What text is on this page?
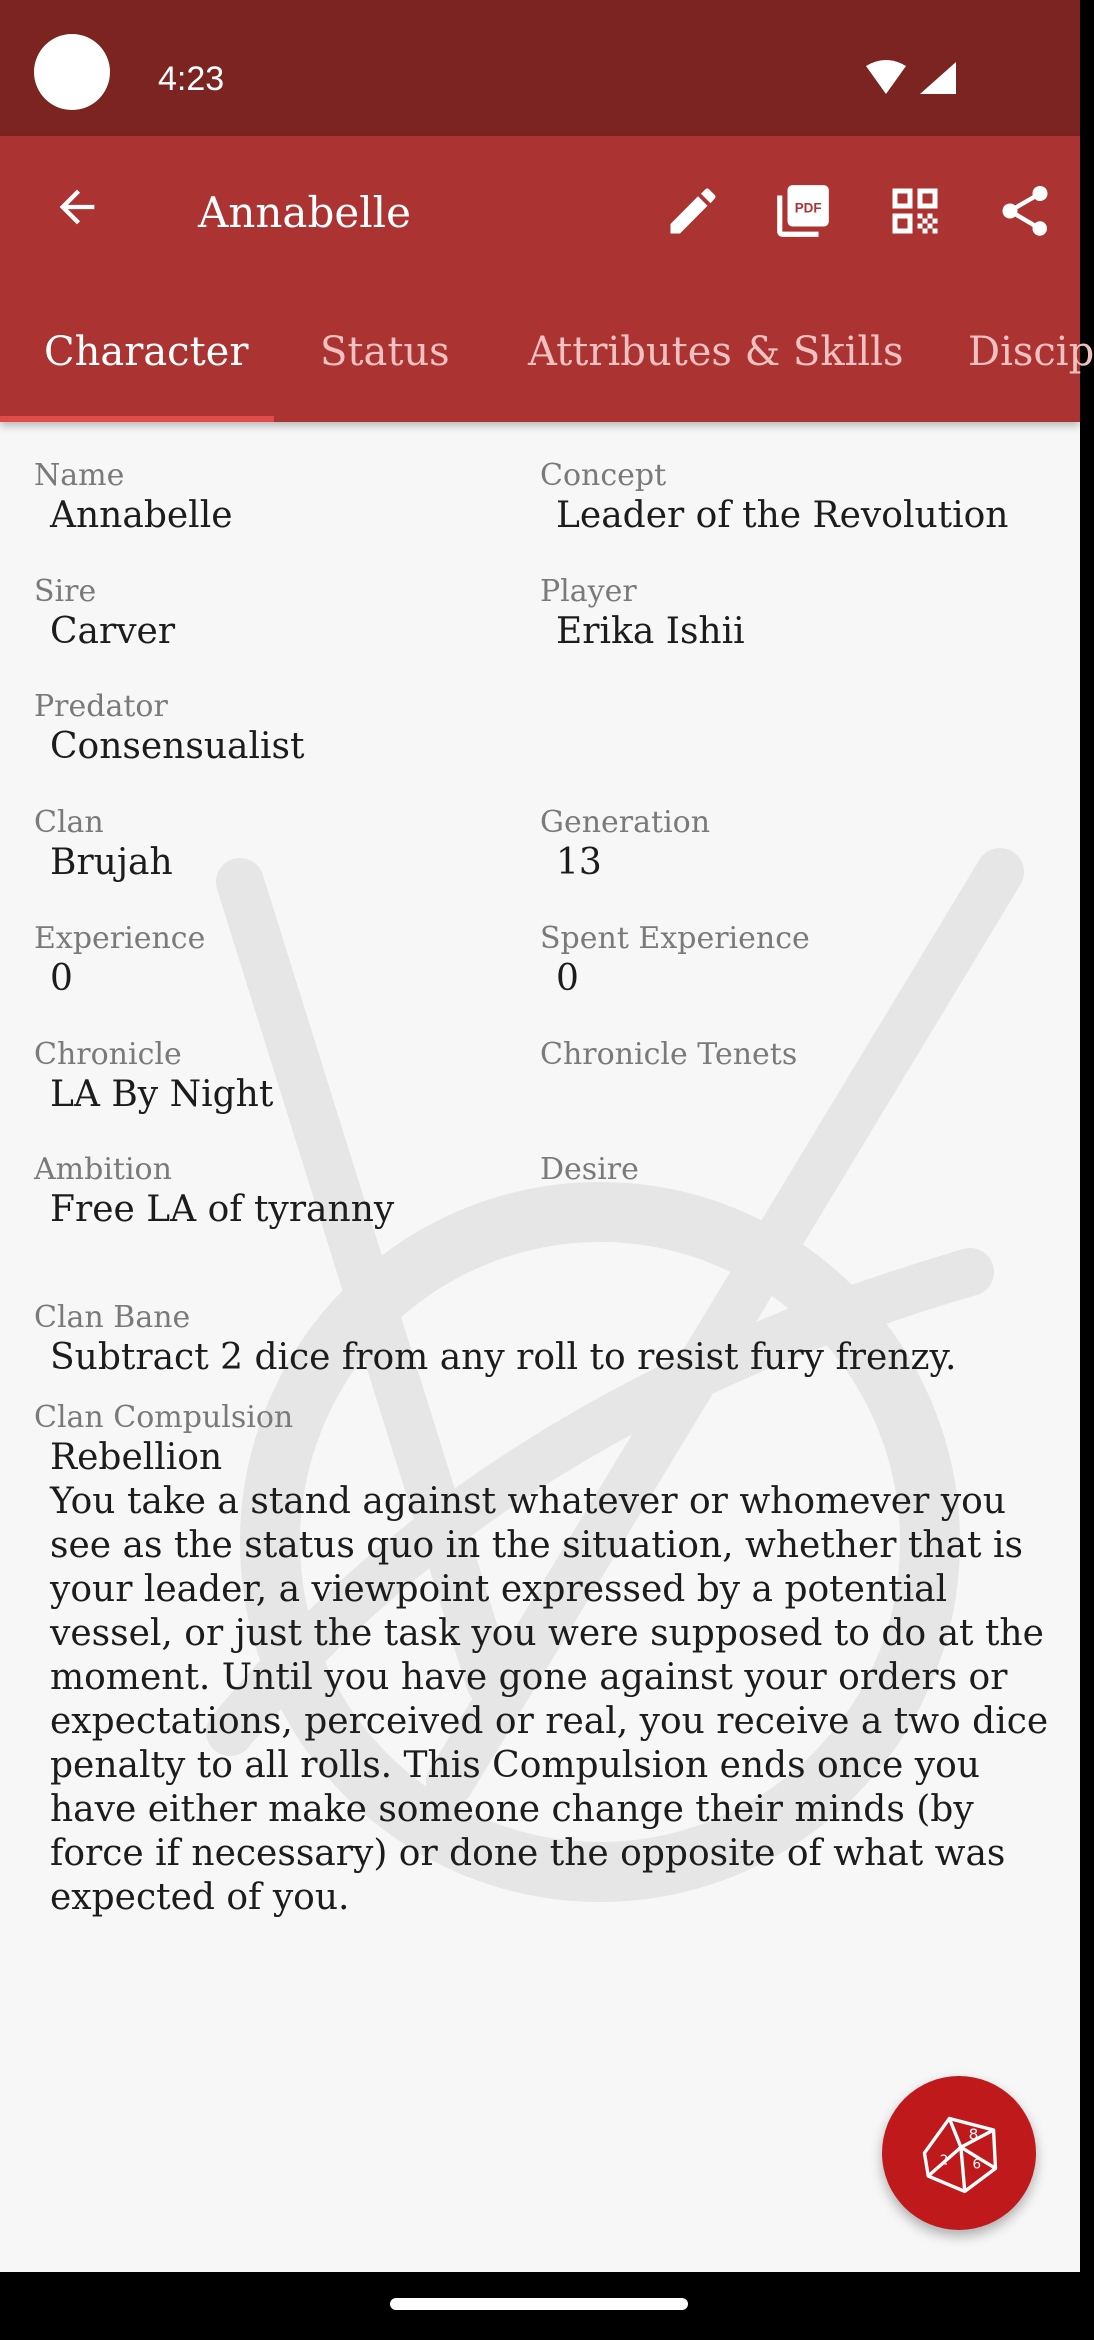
4:23
Annabelle	PDF
Character Status Attributes & Skills Discip
Name
Annabelle
Concept
Leader of the Revolution
Sire
Carver
Player
Erika Ishii
Predator
Consensualist
Clan
Brujah
Generation
13
Experience
0
Spent Experience
0
Chronicle
LA By Night
Chronicle Tenets
Ambition
Free LA of tyranny
Desire
Clan Bane
Subtract 2 dice from any roll to resist fury frenzy.
Clan Compulsion
Rebellion
You take a stand against whatever or whomever you see as the status quo in the situation, whether that is your leader, a viewpoint expressed by a potential vessel, or just the task you were supposed to do at the moment. Until you have gone against your orders or expectations, perceived or real, you receive a two dice penalty to all rolls. This Compulsion ends once you have either make someone change their minds (by force if necessary) or done the opposite of what was expected of you.
8
2 6
